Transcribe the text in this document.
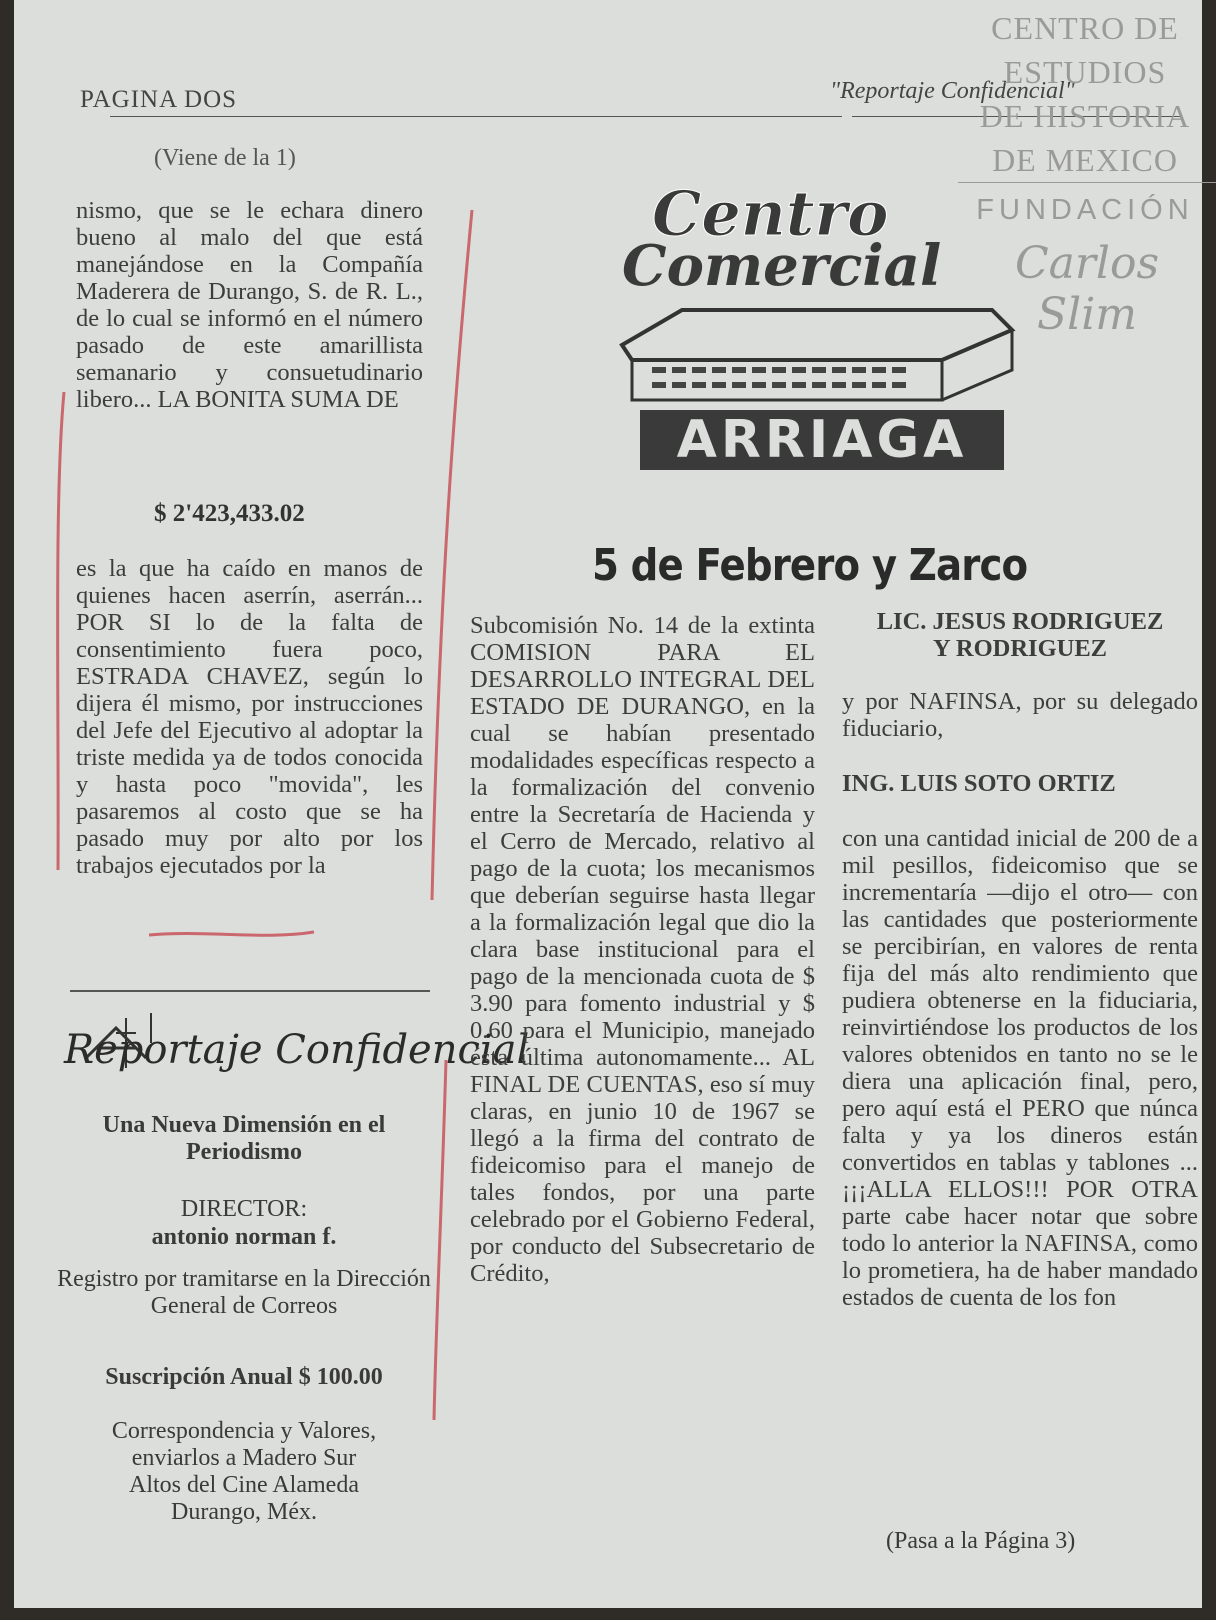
PAGINA DOS	"Reportaje Confidencial"
CENTRO DE
ESTUDIOS
DE HISTORIA
DE MEXICO
FUNDACIÓN
Carlos Slim
(Viene de la 1)

nismo, que se le echara dinero bueno al malo del que está manejándose en la Compañía Maderera de Durango, S. de R. L., de lo cual se informó en el número pasado de este amarillista semanario y consuetudinario libero... LA BONITA SUMA DE

$ 2'423,433.02

es la que ha caído en manos de quienes hacen aserrín, aserrán... POR SI lo de la falta de consentimiento fuera poco, ESTRADA CHAVEZ, según lo dijera él mismo, por instrucciones del Jefe del Ejecutivo al adoptar la triste medida ya de todos conocida y hasta poco "movida", les pasaremos al costo que se ha pasado muy por alto por los trabajos ejecutados por la

Reportaje Confidencial
Una Nueva Dimensión en el Periodismo
DIRECTOR:
antonio norman f.
Registro por tramitarse en la Dirección General de Correos
Suscripción Anual $ 100.00
Correspondencia y Valores,
enviarlos a Madero Sur
Altos del Cine Alameda
Durango, Méx.
Centro
Comercial
ARRIAGA
5 de Febrero y Zarco

Subcomisión No. 14 de la extinta COMISION PARA EL DESARROLLO INTEGRAL DEL ESTADO DE DURANGO, en la cual se habían presentado modalidades específicas respecto a la formalización del convenio entre la Secretaría de Hacienda y el Cerro de Mercado, relativo al pago de la cuota; los mecanismos que deberían seguirse hasta llegar a la formalización legal que dio la clara base institucional para el pago de la mencionada cuota de $ 3.90 para fomento industrial y $ 0.60 para el Municipio, manejado ésta última autonomamente... AL FINAL DE CUENTAS, eso sí muy claras, en junio 10 de 1967 se llegó a la firma del contrato de fideicomiso para el manejo de tales fondos, por una parte celebrado por el Gobierno Federal, por conducto del Subsecretario de Crédito,

LIC. JESUS RODRIGUEZ

Y RODRIGUEZ

y por NAFINSA, por su delegado fiduciario,

ING. LUIS SOTO ORTIZ

con una cantidad inicial de 200 de a mil pesillos, fideicomiso que se incrementaría —dijo el otro— con las cantidades que posteriormente se percibirían, en valores de renta fija del más alto rendimiento que pudiera obtenerse en la fiduciaria, reinvirtiéndose los productos de los valores obtenidos en tanto no se le diera una aplicación final, pero, pero aquí está el PERO que núnca falta y ya los dineros están convertidos en tablas y tablones ...¡¡¡ALLA ELLOS!!! POR OTRA parte cabe hacer notar que sobre todo lo anterior la NAFINSA, como lo prometiera, ha de haber mandado estados de cuenta de los fon

(Pasa a la Página 3)
